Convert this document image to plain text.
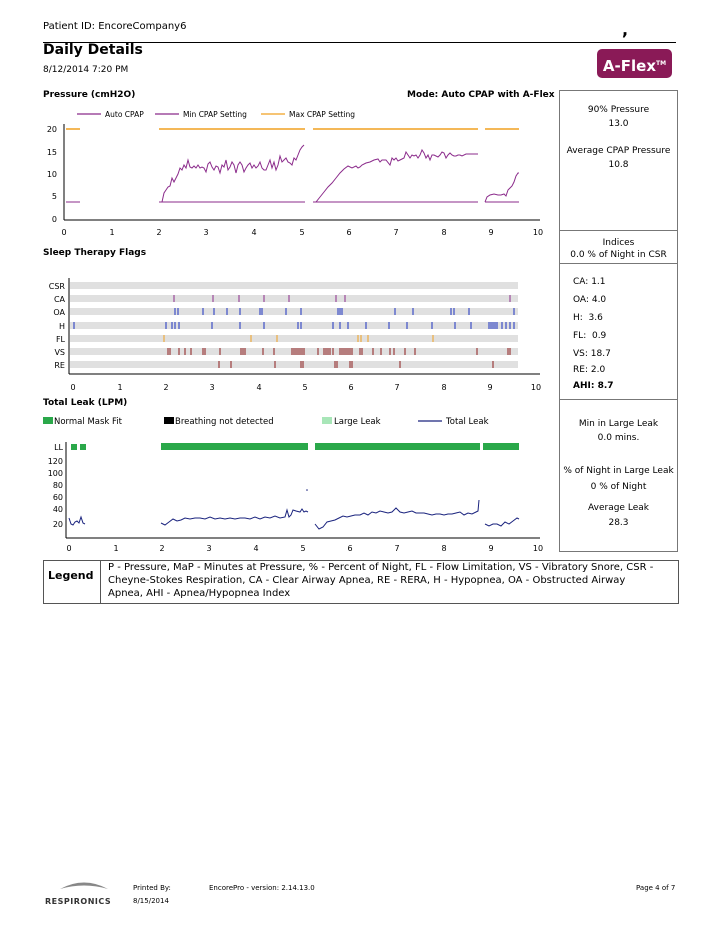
Patient ID: EncoreCompany6	,
Daily Details
8/12/2014 7:20 PM	A-Flex™
Pressure (cmH2O)	Mode: Auto CPAP with A-Flex
Sleep Therapy Flags
Total Leak (LPM)
90% Pressure
13.0
Average CPAP Pressure
10.8
Indices
0.0 % of Night in CSR
CA: 1.1
OA: 4.0
H: 3.6
FL: 0.9
VS: 18.7
RE: 2.0
AHI: 8.7
Min in Large Leak
0.0 mins.
% of Night in Large Leak
0 % of Night
Average Leak
28.3
Auto CPAP	Min CPAP Setting	Max CPAP Setting
0
5
10
15
20
0	1	2	3	4	5	6	7	8	9	10
CSR
CA
OA
H
FL
VS
RE
0	1	2	3	4	5	6	7	8	9	10
Normal Mask Fit	Breathing not detected	Large Leak	Total Leak
20
40
60
80
100
120
LL
0	1	2	3	4	5	6	7	8	9	10
RESPIRONICS
Legend
P - Pressure, MaP - Minutes at Pressure, % - Percent of Night, FL - Flow Limitation, VS - Vibratory Snore, CSR - Cheyne-Stokes Respiration, CA - Clear Airway Apnea, RE - RERA, H - Hypopnea, OA - Obstructed Airway Apnea, AHI - Apnea/Hypopnea Index
Printed By:
8/15/2014
EncorePro - version: 2.14.13.0	Page 4 of 7
